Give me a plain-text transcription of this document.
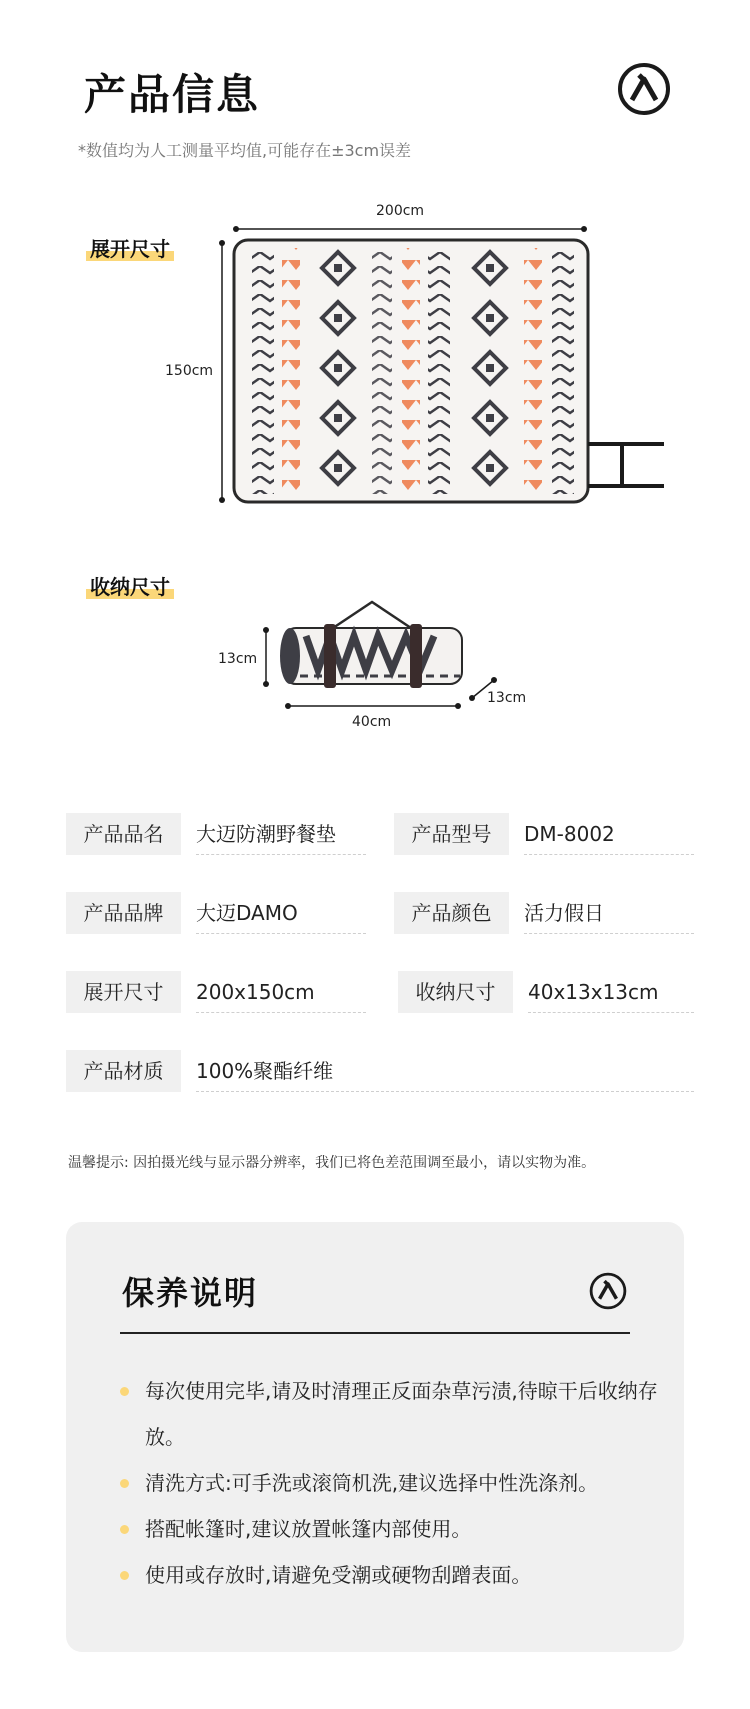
产品信息
*数值均为人工测量平均值,可能存在±3cm误差
展开尺寸
200cm
150cm
收纳尺寸
13cm
40cm
13cm
产品品名	大迈防潮野餐垫	产品型号	DM-8002
产品品牌	大迈DAMO	产品颜色	活力假日
展开尺寸	200x150cm	收纳尺寸	40x13x13cm
产品材质	100%聚酯纤维
温馨提示: 因拍摄光线与显示器分辨率，我们已将色差范围调至最小，请以实物为准。
保养说明
每次使用完毕,请及时清理正反面杂草污渍,待晾干后收纳存放。
清洗方式:可手洗或滚筒机洗,建议选择中性洗涤剂。
搭配帐篷时,建议放置帐篷内部使用。
使用或存放时,请避免受潮或硬物刮蹭表面。
